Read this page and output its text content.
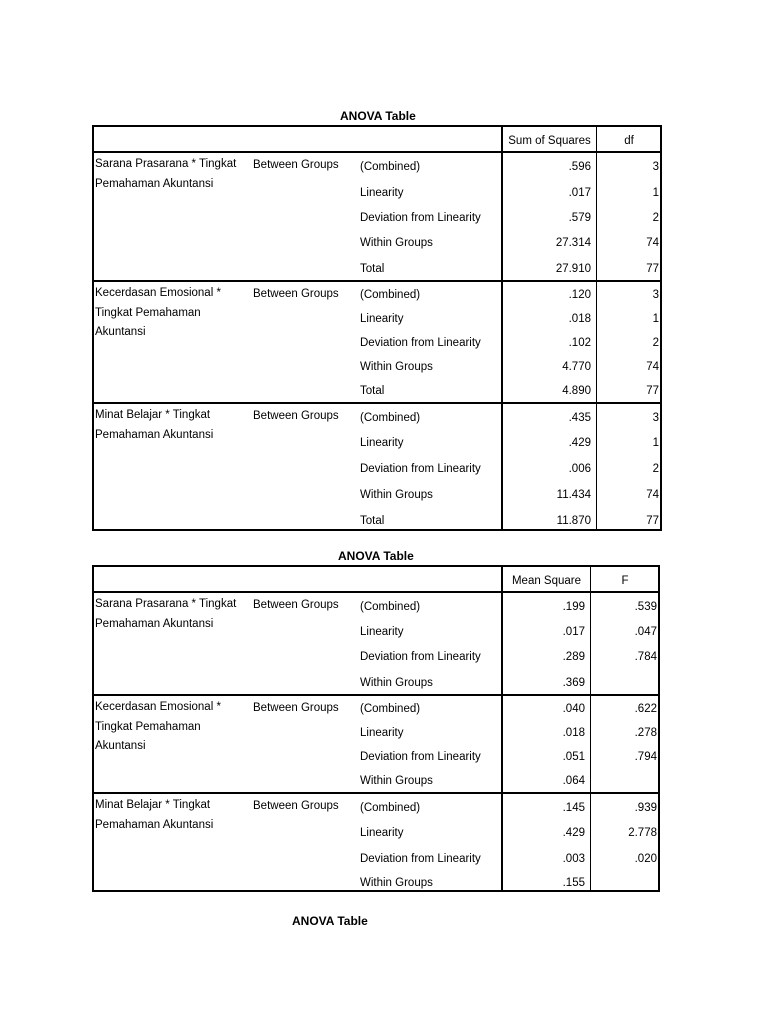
ANOVA Table
Sum of Squares	df
Sarana Prasarana * Tingkat Pemahaman Akuntansi
Between Groups (Combined)	.596	3
Linearity	.017	1
Deviation from Linearity	.579	2
Within Groups	27.314	74
Total	27.910	77
Kecerdasan Emosional * Tingkat Pemahaman Akuntansi
Between Groups (Combined)	.120	3
Linearity	.018	1
Deviation from Linearity	.102	2
Within Groups	4.770	74
Total	4.890	77
Minat Belajar * Tingkat Pemahaman Akuntansi
Between Groups (Combined)	.435	3
Linearity	.429	1
Deviation from Linearity	.006	2
Within Groups	11.434	74
Total	11.870	77
ANOVA Table
Mean Square	F
Sarana Prasarana * Tingkat Pemahaman Akuntansi
Between Groups (Combined)	.199	.539
Linearity	.017	.047
Deviation from Linearity	.289	.784
Within Groups	.369
Kecerdasan Emosional * Tingkat Pemahaman Akuntansi
Between Groups (Combined)	.040	.622
Linearity	.018	.278
Deviation from Linearity	.051	.794
Within Groups	.064
Minat Belajar * Tingkat Pemahaman Akuntansi
Between Groups (Combined)	.145	.939
Linearity	.429	2.778
Deviation from Linearity	.003	.020
Within Groups	.155
ANOVA Table
